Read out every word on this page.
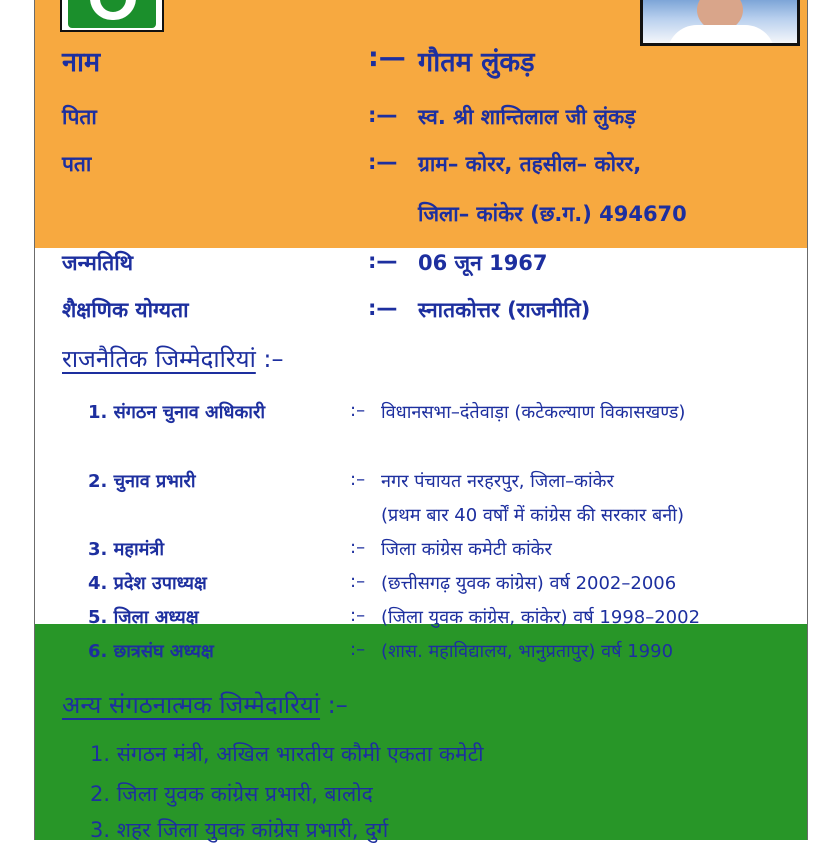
नाम	:— गौतम लुंकड़
पिता	:— स्व. श्री शान्तिलाल जी लुंकड़
पता	:— ग्राम– कोरर, तहसील– कोरर,
जिला– कांकेर (छ.ग.) 494670
जन्मतिथि	:— 06 जून 1967
शैक्षणिक योग्यता	:— स्नातकोत्तर (राजनीति)
राजनैतिक जिम्मेदारियां :–
1. संगठन चुनाव अधिकारी	:– विधानसभा–दंतेवाड़ा (कटेकल्याण विकासखण्ड)
2. चुनाव प्रभारी	:– नगर पंचायत नरहरपुर, जिला–कांकेर
(प्रथम बार 40 वर्षों में कांग्रेस की सरकार बनी)
3. महामंत्री	:– जिला कांग्रेस कमेटी कांकेर
4. प्रदेश उपाध्यक्ष	:– (छत्तीसगढ़ युवक कांग्रेस) वर्ष 2002–2006
5. जिला अध्यक्ष	:– (जिला युवक कांग्रेस, कांकेर) वर्ष 1998–2002
6. छात्रसंघ अध्यक्ष	:– (शास. महाविद्यालय, भानुप्रतापुर) वर्ष 1990
अन्य संगठनात्मक जिम्मेदारियां :–
1. संगठन मंत्री, अखिल भारतीय कौमी एकता कमेटी
2. जिला युवक कांग्रेस प्रभारी, बालोद
3. शहर जिला युवक कांग्रेस प्रभारी, दुर्ग
